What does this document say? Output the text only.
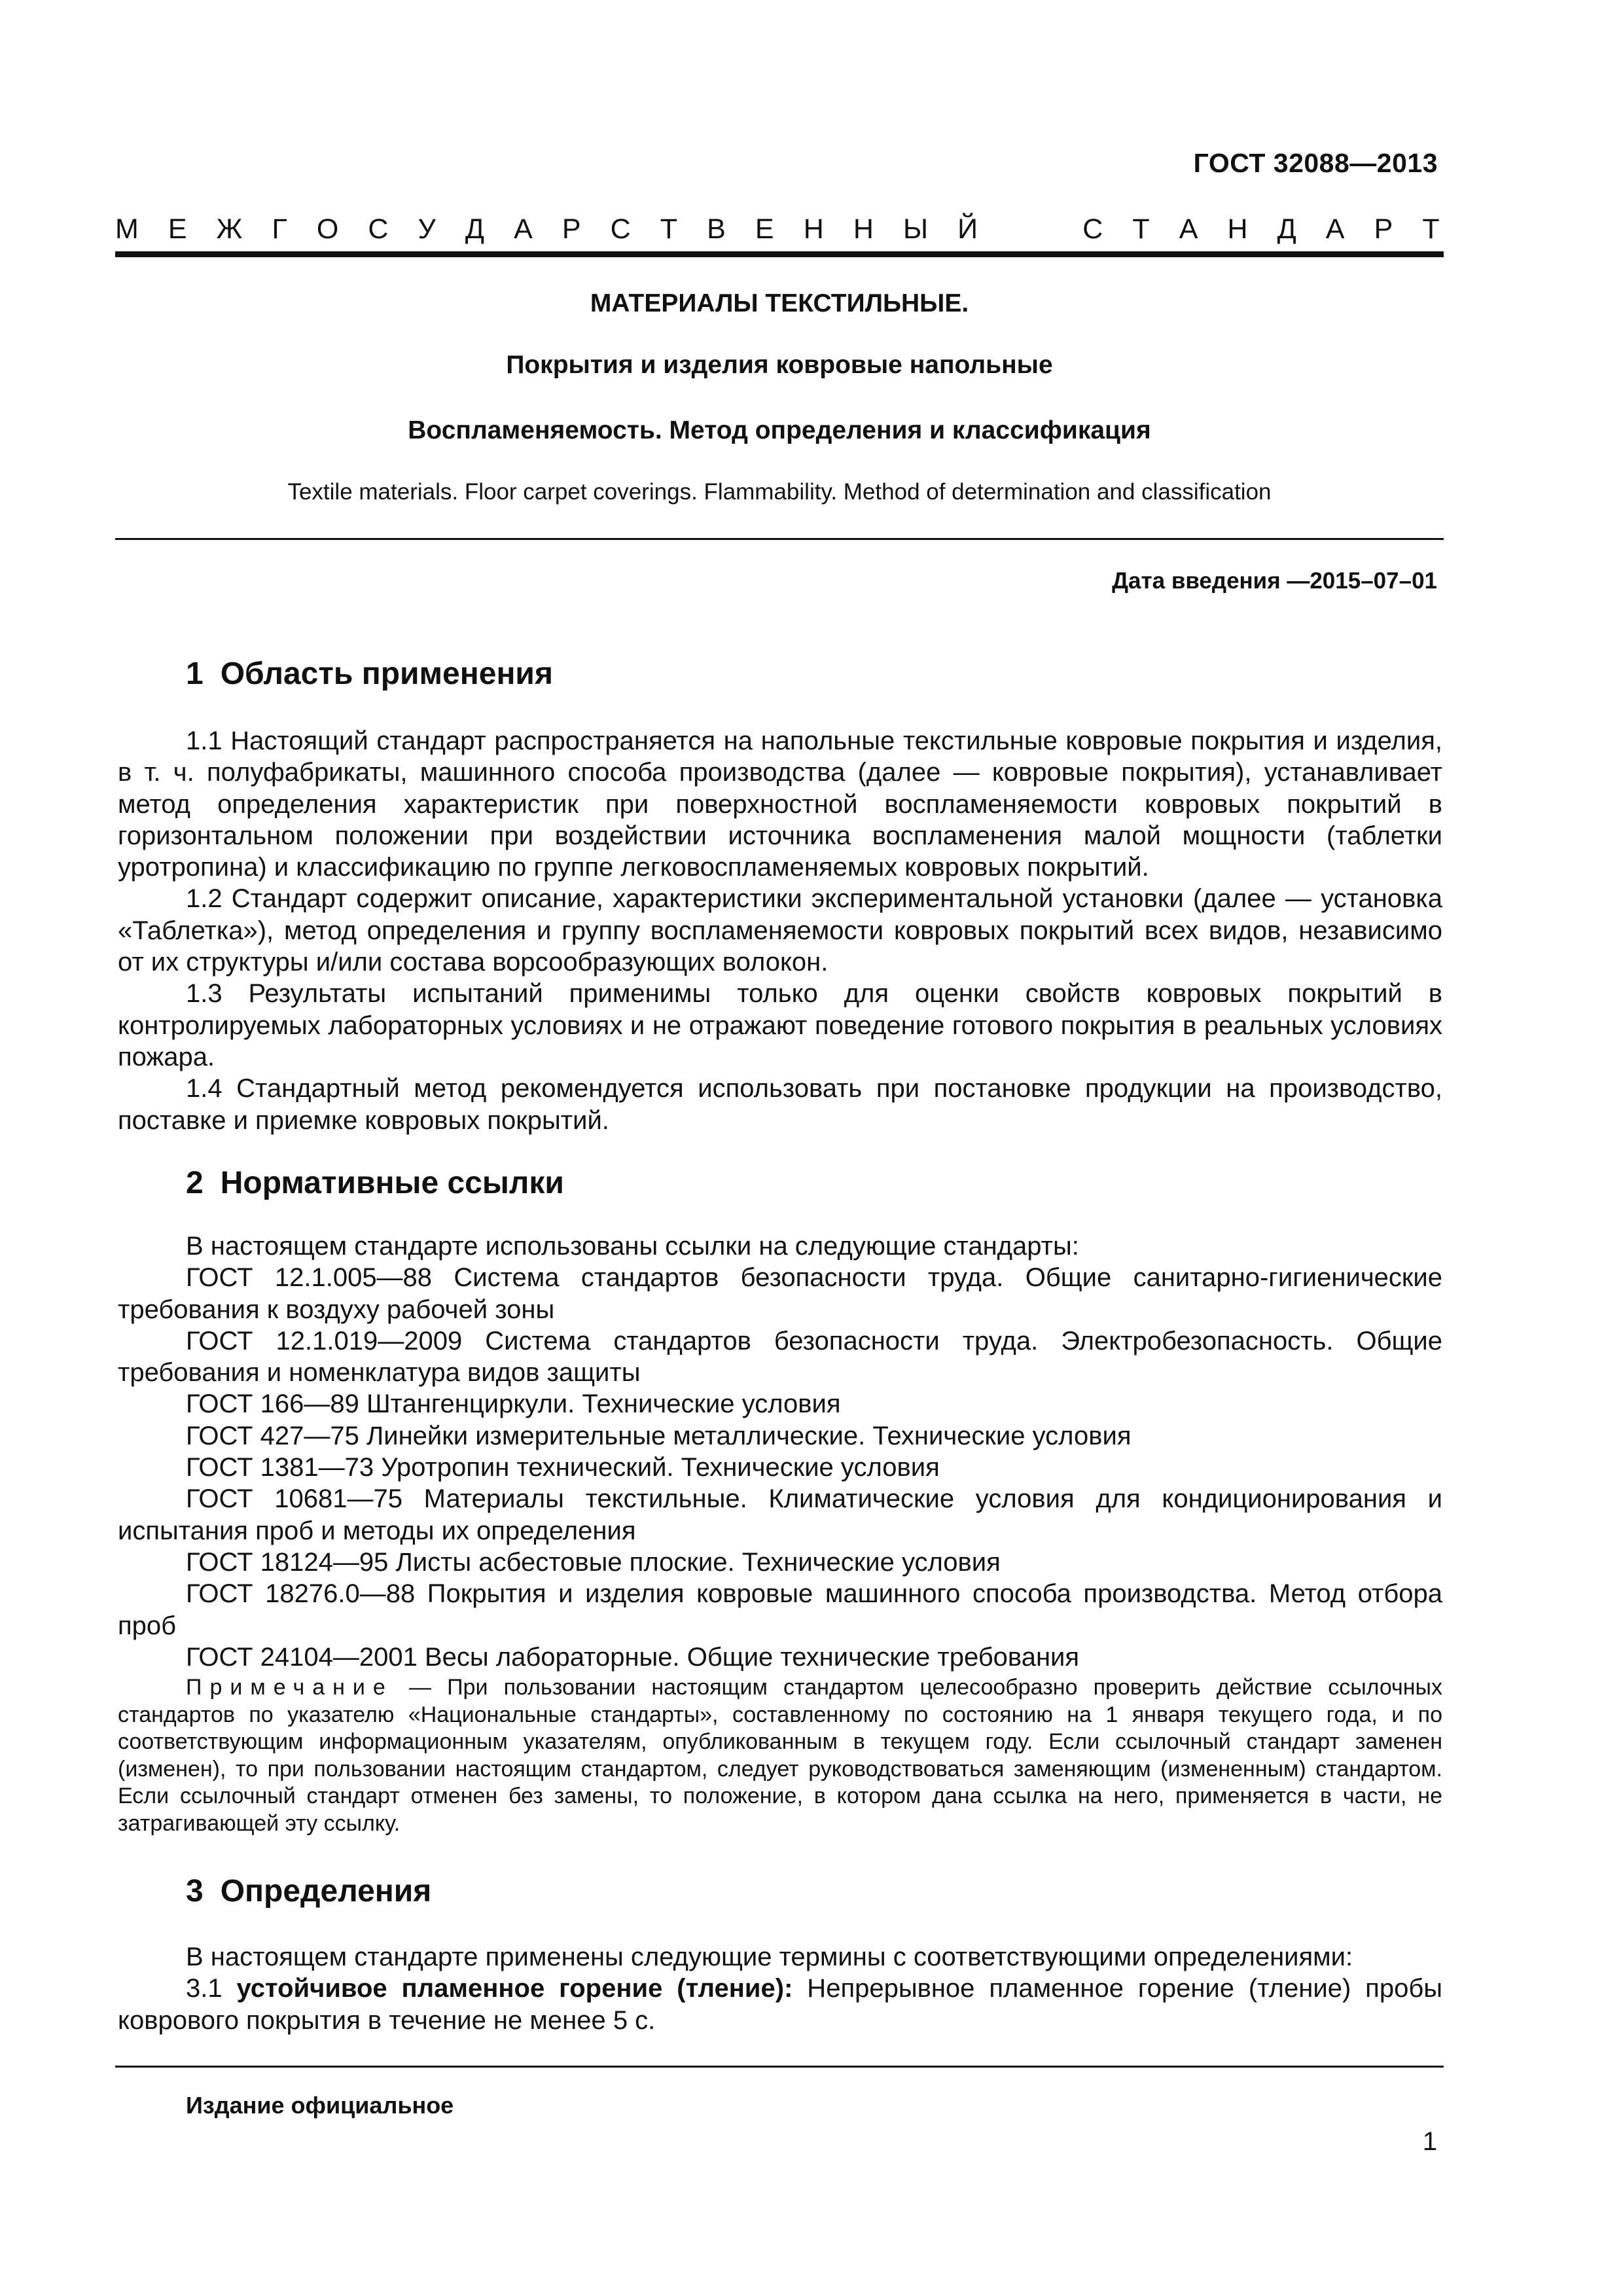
ГОСТ 32088—2013
М Е Ж Г О С У Д А Р С Т В Е Н Н Ы Й	С Т А Н Д А Р Т
МАТЕРИАЛЫ ТЕКСТИЛЬНЫЕ.
Покрытия и изделия ковровые напольные
Воспламеняемость. Метод определения и классификация
Textile materials. Floor carpet coverings. Flammability. Method of determination and classification
Дата введения —2015–07–01
1 Область применения

1.1 Настоящий стандарт распространяется на напольные текстильные ковровые покрытия и изделия, в т. ч. полуфабрикаты, машинного способа производства (далее — ковровые покрытия), устанавливает метод определения характеристик при поверхностной воспламеняемости ковровых покрытий в горизонтальном положении при воздействии источника воспламенения малой мощности (таблетки уротропина) и классификацию по группе легковоспламеняемых ковровых покрытий.

1.2 Стандарт содержит описание, характеристики экспериментальной установки (далее — установка «Таблетка»), метод определения и группу воспламеняемости ковровых покрытий всех видов, независимо от их структуры и/или состава ворсообразующих волокон.

1.3 Результаты испытаний применимы только для оценки свойств ковровых покрытий в контролируемых лабораторных условиях и не отражают поведение готового покрытия в реальных условиях пожара.

1.4 Стандартный метод рекомендуется использовать при постановке продукции на производство, поставке и приемке ковровых покрытий.

2 Нормативные ссылки

В настоящем стандарте использованы ссылки на следующие стандарты:

ГОСТ 12.1.005—88 Система стандартов безопасности труда. Общие санитарно-гигиенические требования к воздуху рабочей зоны

ГОСТ 12.1.019—2009 Система стандартов безопасности труда. Электробезопасность. Общие требования и номенклатура видов защиты

ГОСТ 166—89 Штангенциркули. Технические условия

ГОСТ 427—75 Линейки измерительные металлические. Технические условия

ГОСТ 1381—73 Уротропин технический. Технические условия

ГОСТ 10681—75 Материалы текстильные. Климатические условия для кондиционирования и испытания проб и методы их определения

ГОСТ 18124—95 Листы асбестовые плоские. Технические условия

ГОСТ 18276.0—88 Покрытия и изделия ковровые машинного способа производства. Метод отбора проб

ГОСТ 24104—2001 Весы лабораторные. Общие технические требования

Примечание — При пользовании настоящим стандартом целесообразно проверить действие ссылочных стандартов по указателю «Национальные стандарты», составленному по состоянию на 1 января текущего года, и по соответствующим информационным указателям, опубликованным в текущем году. Если ссылочный стандарт заменен (изменен), то при пользовании настоящим стандартом, следует руководствоваться заменяющим (измененным) стандартом. Если ссылочный стандарт отменен без замены, то положение, в котором дана ссылка на него, применяется в части, не затрагивающей эту ссылку.

3 Определения

В настоящем стандарте применены следующие термины с соответствующими определениями:

3.1 устойчивое пламенное горение (тление): Непрерывное пламенное горение (тление) пробы коврового покрытия в течение не менее 5 с.

Издание официальное
1
